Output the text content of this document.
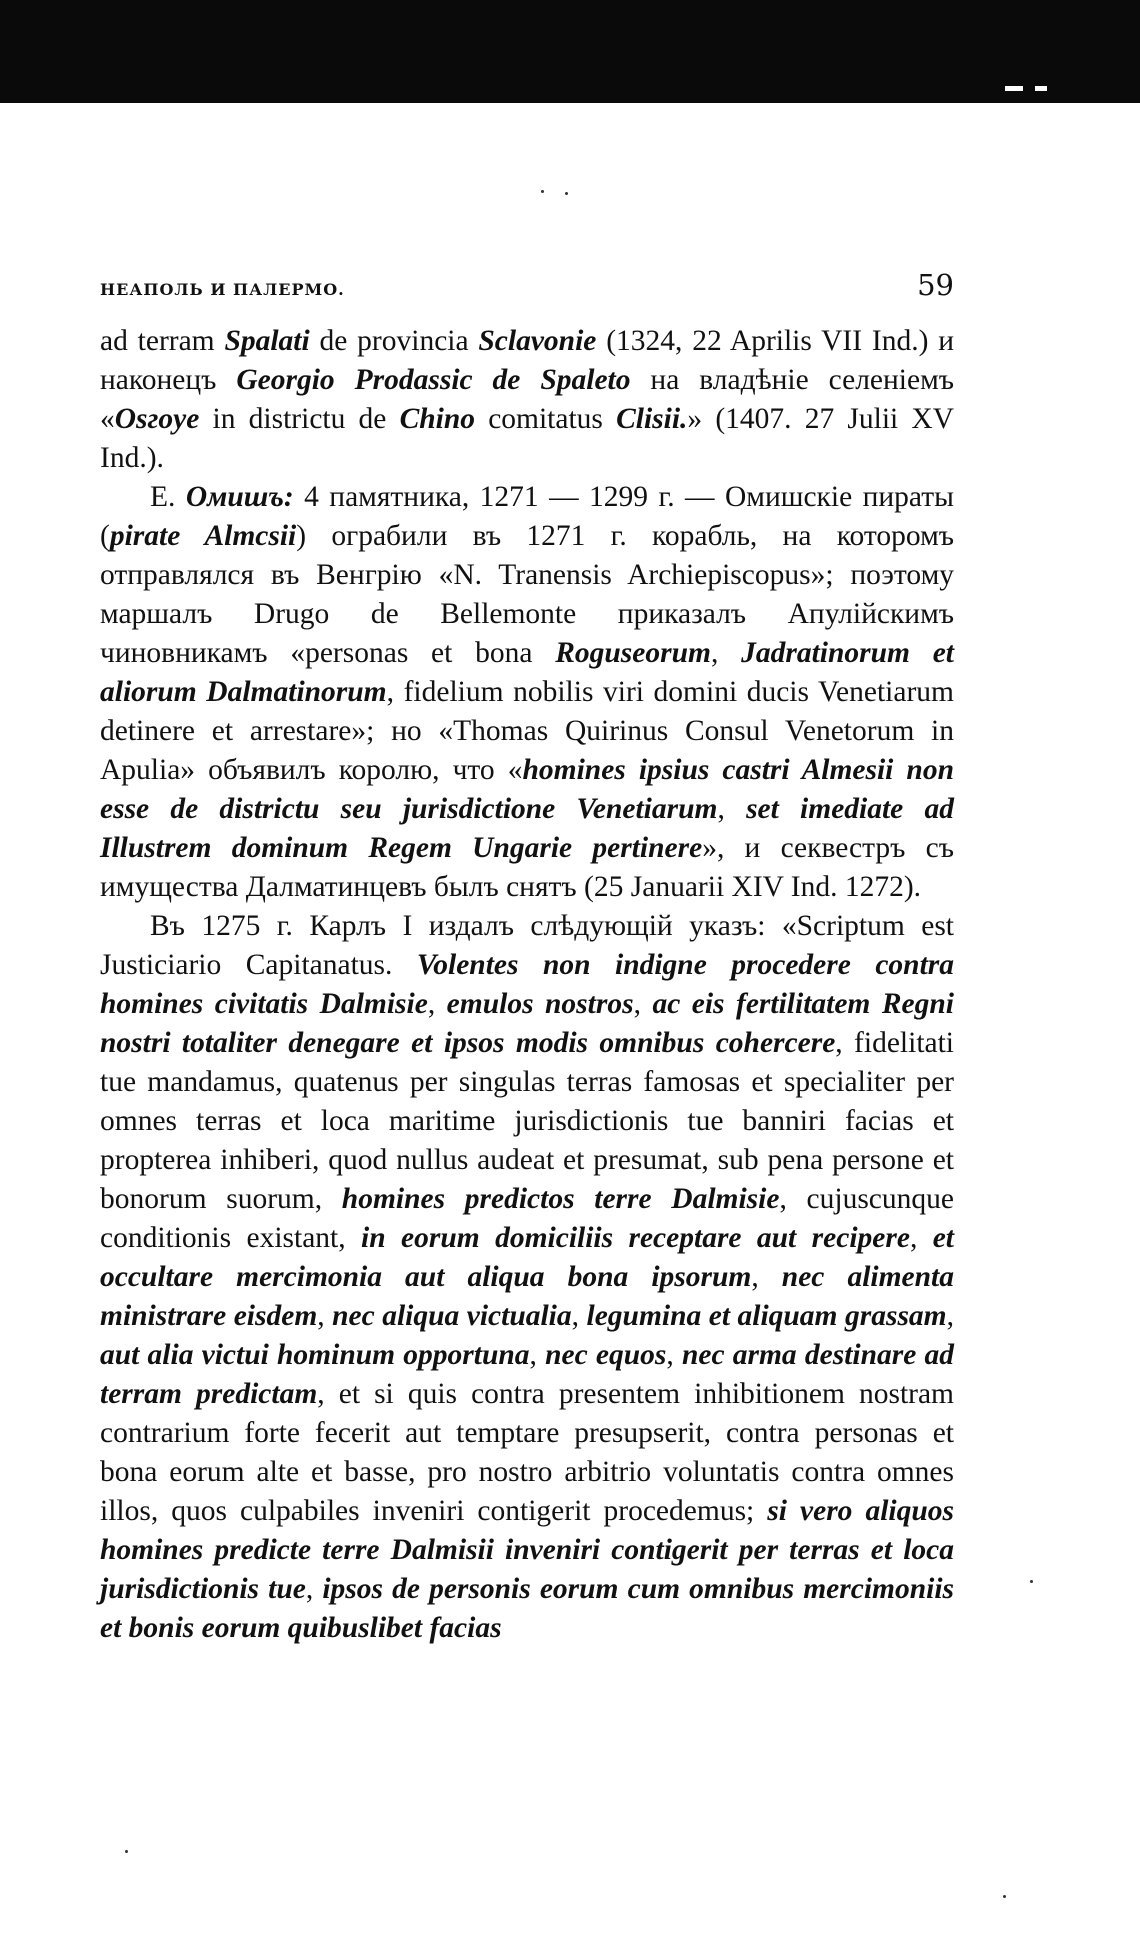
НЕАПОЛЬ И ПАЛЕРМО.	59

ad terram Spalati de provincia Sclavonie (1324, 22 Aprilis VII Ind.) и наконецъ Georgio Prodassic de Spaleto на владѣніе селеніемъ «Osгoye in districtu de Chino comitatus Clisii.» (1407. 27 Julii XV Ind.).

Е. Омишъ: 4 памятника, 1271 — 1299 г. — Омишскіе пираты (pirate Almcsii) ограбили въ 1271 г. корабль, на которомъ отправлялся въ Венгрію «N. Tranensis Archiepiscopus»; поэтому маршалъ Drugo de Bellemonte приказалъ Апулійскимъ чиновникамъ «personas et bona Roguseorum, Jadratinorum et aliorum Dalmatinorum, fidelium nobilis viri domini ducis Venetiarum detinere et arrestare»; но «Thomas Quirinus Consul Venetorum in Apulia» объявилъ королю, что «homines ipsius castri Almesii non esse de districtu seu jurisdictione Venetiarum, set imediate ad Illustrem dominum Regem Ungarie pertinere», и секвестръ съ имущества Далматинцевъ былъ снятъ (25 Januarii XIV Ind. 1272).

Въ 1275 г. Карлъ I издалъ слѣдующій указъ: «Scriptum est Justiciario Capitanatus. Volentes non indigne procedere contra homines civitatis Dalmisie, emulos nostros, ac eis fertilitatem Regni nostri totaliter denegare et ipsos modis omnibus cohercere, fidelitati tue mandamus, quatenus per singulas terras famosas et specialiter per omnes terras et loca maritime jurisdictionis tue banniri facias et propterea inhiberi, quod nullus audeat et presumat, sub pena persone et bonorum suorum, homines predictos terre Dalmisie, cujuscunque conditionis existant, in eorum domiciliis receptare aut recipere, et occultare mercimonia aut aliqua bona ipsorum, nec alimenta ministrare eisdem, nec aliqua victualia, legumina et aliquam grassam, aut alia victui hominum opportuna, nec equos, nec arma destinare ad terram predictam, et si quis contra presentem inhibitionem nostram contrarium forte fecerit aut temptare presupserit, contra personas et bona eorum alte et basse, pro nostro arbitrio voluntatis contra omnes illos, quos culpabiles inveniri contigerit procedemus; si vero aliquos homines predicte terre Dalmisii inveniri contigerit per terras et loca jurisdictionis tue, ipsos de personis eorum cum omnibus mercimoniis et bonis eorum quibuslibet facias
